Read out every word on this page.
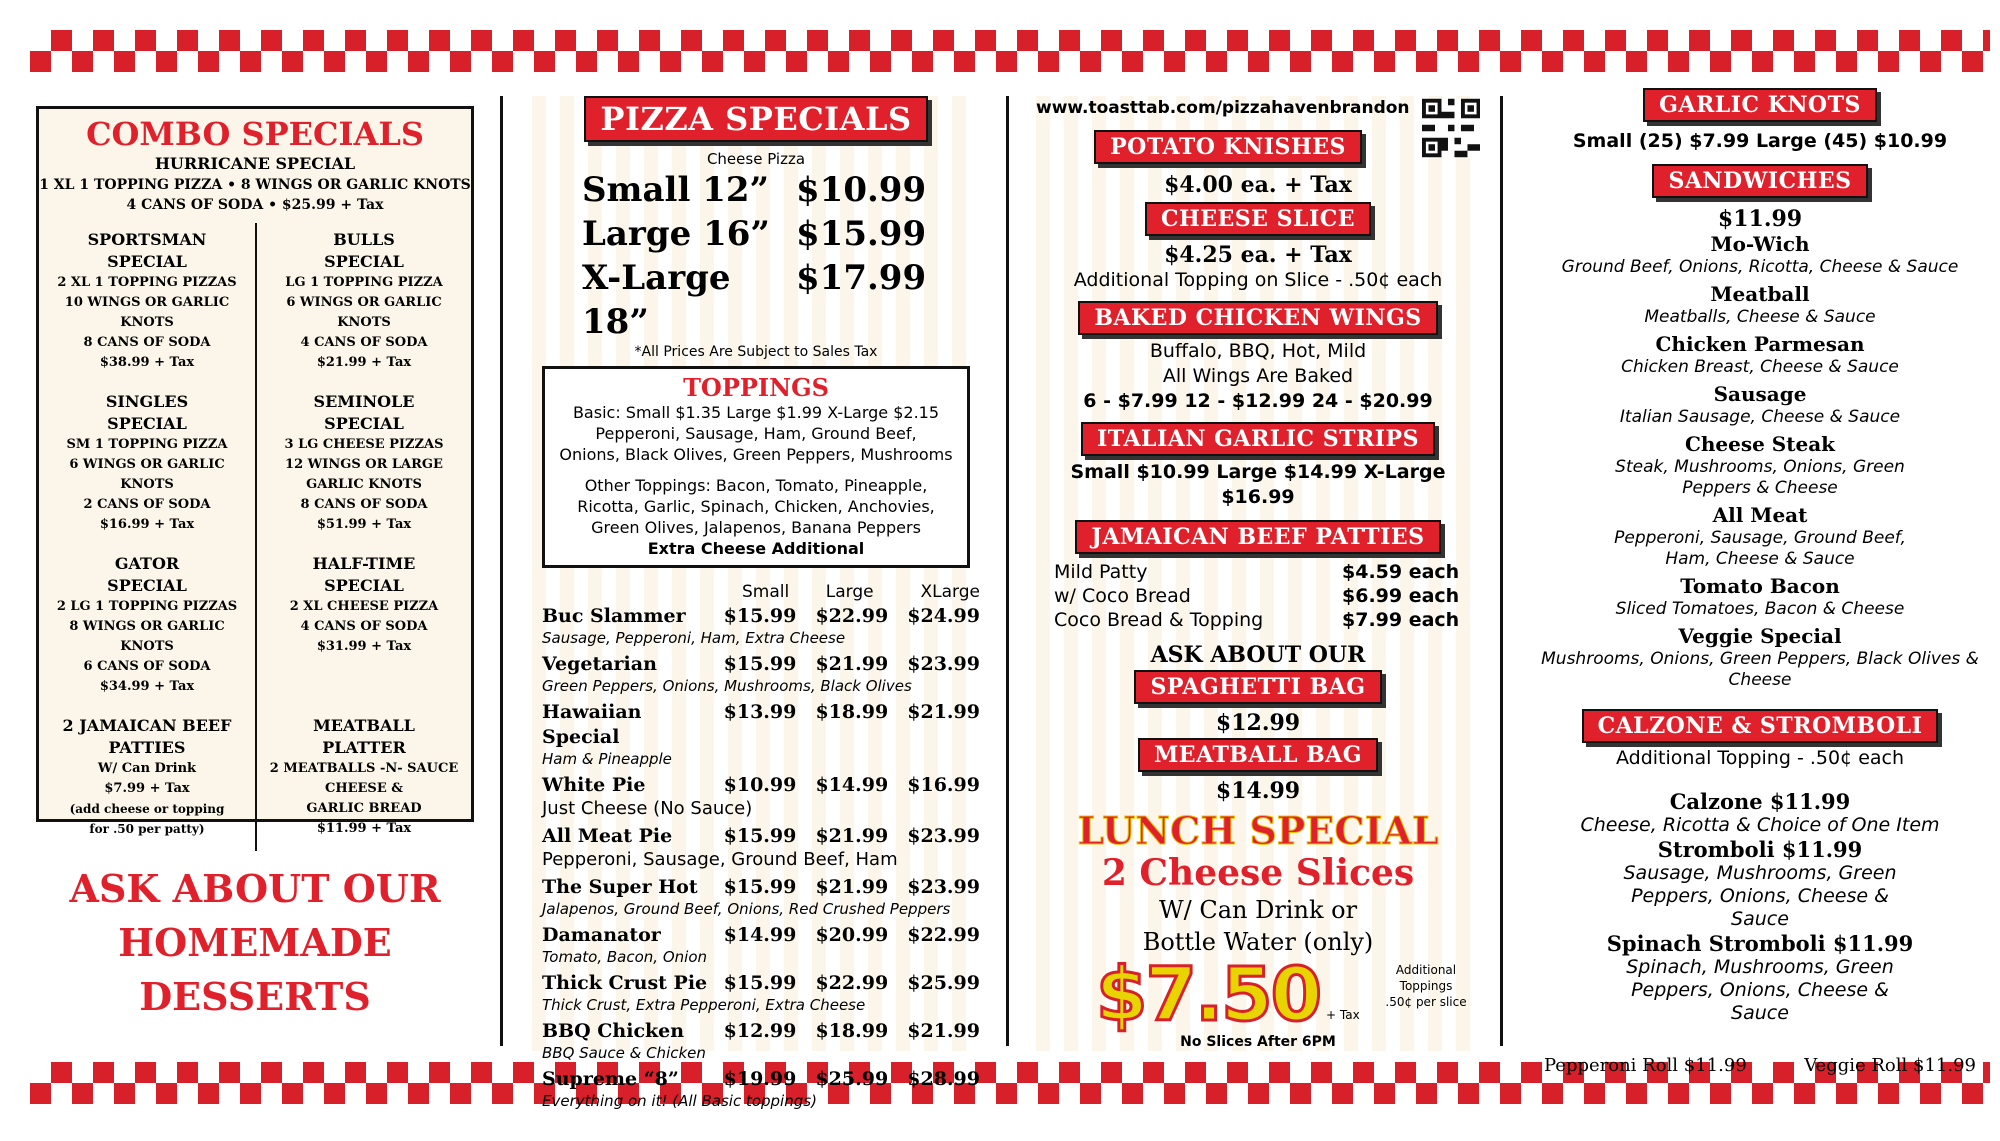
COMBO SPECIALS
HURRICANE SPECIAL
1 XL 1 TOPPING PIZZA • 8 WINGS OR GARLIC KNOTS
4 CANS OF SODA • $25.99 + Tax
SPORTSMAN
SPECIAL
2 XL 1 TOPPING PIZZAS
10 WINGS OR GARLIC KNOTS
8 CANS OF SODA
$38.99 + Tax
BULLS
SPECIAL
LG 1 TOPPING PIZZA
6 WINGS OR GARLIC KNOTS
4 CANS OF SODA
$21.99 + Tax
SINGLES
SPECIAL
SM 1 TOPPING PIZZA
6 WINGS OR GARLIC KNOTS
2 CANS OF SODA
$16.99 + Tax
SEMINOLE
SPECIAL
3 LG CHEESE PIZZAS
12 WINGS OR LARGE GARLIC KNOTS
8 CANS OF SODA
$51.99 + Tax
GATOR
SPECIAL
2 LG 1 TOPPING PIZZAS
8 WINGS OR GARLIC KNOTS
6 CANS OF SODA
$34.99 + Tax
HALF-TIME
SPECIAL
2 XL CHEESE PIZZA
4 CANS OF SODA
$31.99 + Tax
2 JAMAICAN BEEF
PATTIES
W/ Can Drink
$7.99 + Tax
(add cheese or topping
for .50 per patty)
MEATBALL
PLATTER
2 MEATBALLS -N- SAUCE
CHEESE &
GARLIC BREAD
$11.99 + Tax
ASK ABOUT OUR
HOMEMADE
DESSERTS
PIZZA SPECIALS
Cheese Pizza
Small 12” $10.99
Large 16” $15.99
X-Large 18”
$17.99
*All Prices Are Subject to Sales Tax
TOPPINGS
Basic: Small $1.35 Large $1.99 X-Large $2.15
Pepperoni, Sausage, Ham, Ground Beef,
Onions, Black Olives, Green Peppers, Mushrooms
Other Toppings: Bacon, Tomato, Pineapple,
Ricotta, Garlic, Spinach, Chicken, Anchovies,
Green Olives, Jalapenos, Banana Peppers
Extra Cheese Additional
Small	Large	XLarge
Buc Slammer	$15.99	$22.99	$24.99
Sausage, Pepperoni, Ham, Extra Cheese
Vegetarian	$15.99	$21.99	$23.99
Green Peppers, Onions, Mushrooms, Black Olives
Hawaiian Special
$13.99	$18.99	$21.99
Ham & Pineapple
White Pie	$10.99	$14.99	$16.99
Just Cheese (No Sauce)
All Meat Pie	$15.99	$21.99	$23.99
Pepperoni, Sausage, Ground Beef, Ham
The Super Hot	$15.99	$21.99	$23.99
Jalapenos, Ground Beef, Onions, Red Crushed Peppers
Damanator	$14.99	$20.99	$22.99
Tomato, Bacon, Onion
Thick Crust Pie $15.99	$22.99	$25.99
Thick Crust, Extra Pepperoni, Extra Cheese
BBQ Chicken	$12.99	$18.99	$21.99
BBQ Sauce & Chicken
Supreme “8”	$19.99	$25.99	$28.99
Everything on it! (All Basic toppings)
www.toasttab.com/pizzahavenbrandon
POTATO KNISHES
$4.00 ea. + Tax
CHEESE SLICE
$4.25 ea. + Tax
Additional Topping on Slice - .50¢ each
BAKED CHICKEN WINGS
Buffalo, BBQ, Hot, Mild
All Wings Are Baked
6 - $7.99 12 - $12.99 24 - $20.99
ITALIAN GARLIC STRIPS
Small $10.99 Large $14.99 X-Large $16.99
JAMAICAN BEEF PATTIES
Mild Patty	$4.59 each
w/ Coco Bread	$6.99 each
Coco Bread & Topping	$7.99 each
ASK ABOUT OUR
SPAGHETTI BAG
$12.99
MEATBALL BAG
$14.99
LUNCH SPECIAL
2 Cheese Slices
W/ Can Drink or
Bottle Water (only)
$7.50 + Tax
Additional
Toppings
.50¢ per slice
No Slices After 6PM
GARLIC KNOTS
Small (25) $7.99 Large (45) $10.99
SANDWICHES
$11.99
Mo-Wich
Ground Beef, Onions, Ricotta, Cheese & Sauce
Meatball
Meatballs, Cheese & Sauce
Chicken Parmesan
Chicken Breast, Cheese & Sauce
Sausage
Italian Sausage, Cheese & Sauce
Cheese Steak
Steak, Mushrooms, Onions, Green Peppers & Cheese
All Meat
Pepperoni, Sausage, Ground Beef, Ham, Cheese & Sauce
Tomato Bacon
Sliced Tomatoes, Bacon & Cheese
Veggie Special
Mushrooms, Onions, Green Peppers, Black Olives & Cheese
CALZONE & STROMBOLI
Additional Topping - .50¢ each
Calzone $11.99
Cheese, Ricotta & Choice of One Item
Stromboli $11.99
Sausage, Mushrooms, Green Peppers, Onions, Cheese & Sauce
Spinach Stromboli $11.99
Spinach, Mushrooms, Green Peppers, Onions, Cheese & Sauce
Pepperoni Roll $11.99	Veggie Roll $11.99
